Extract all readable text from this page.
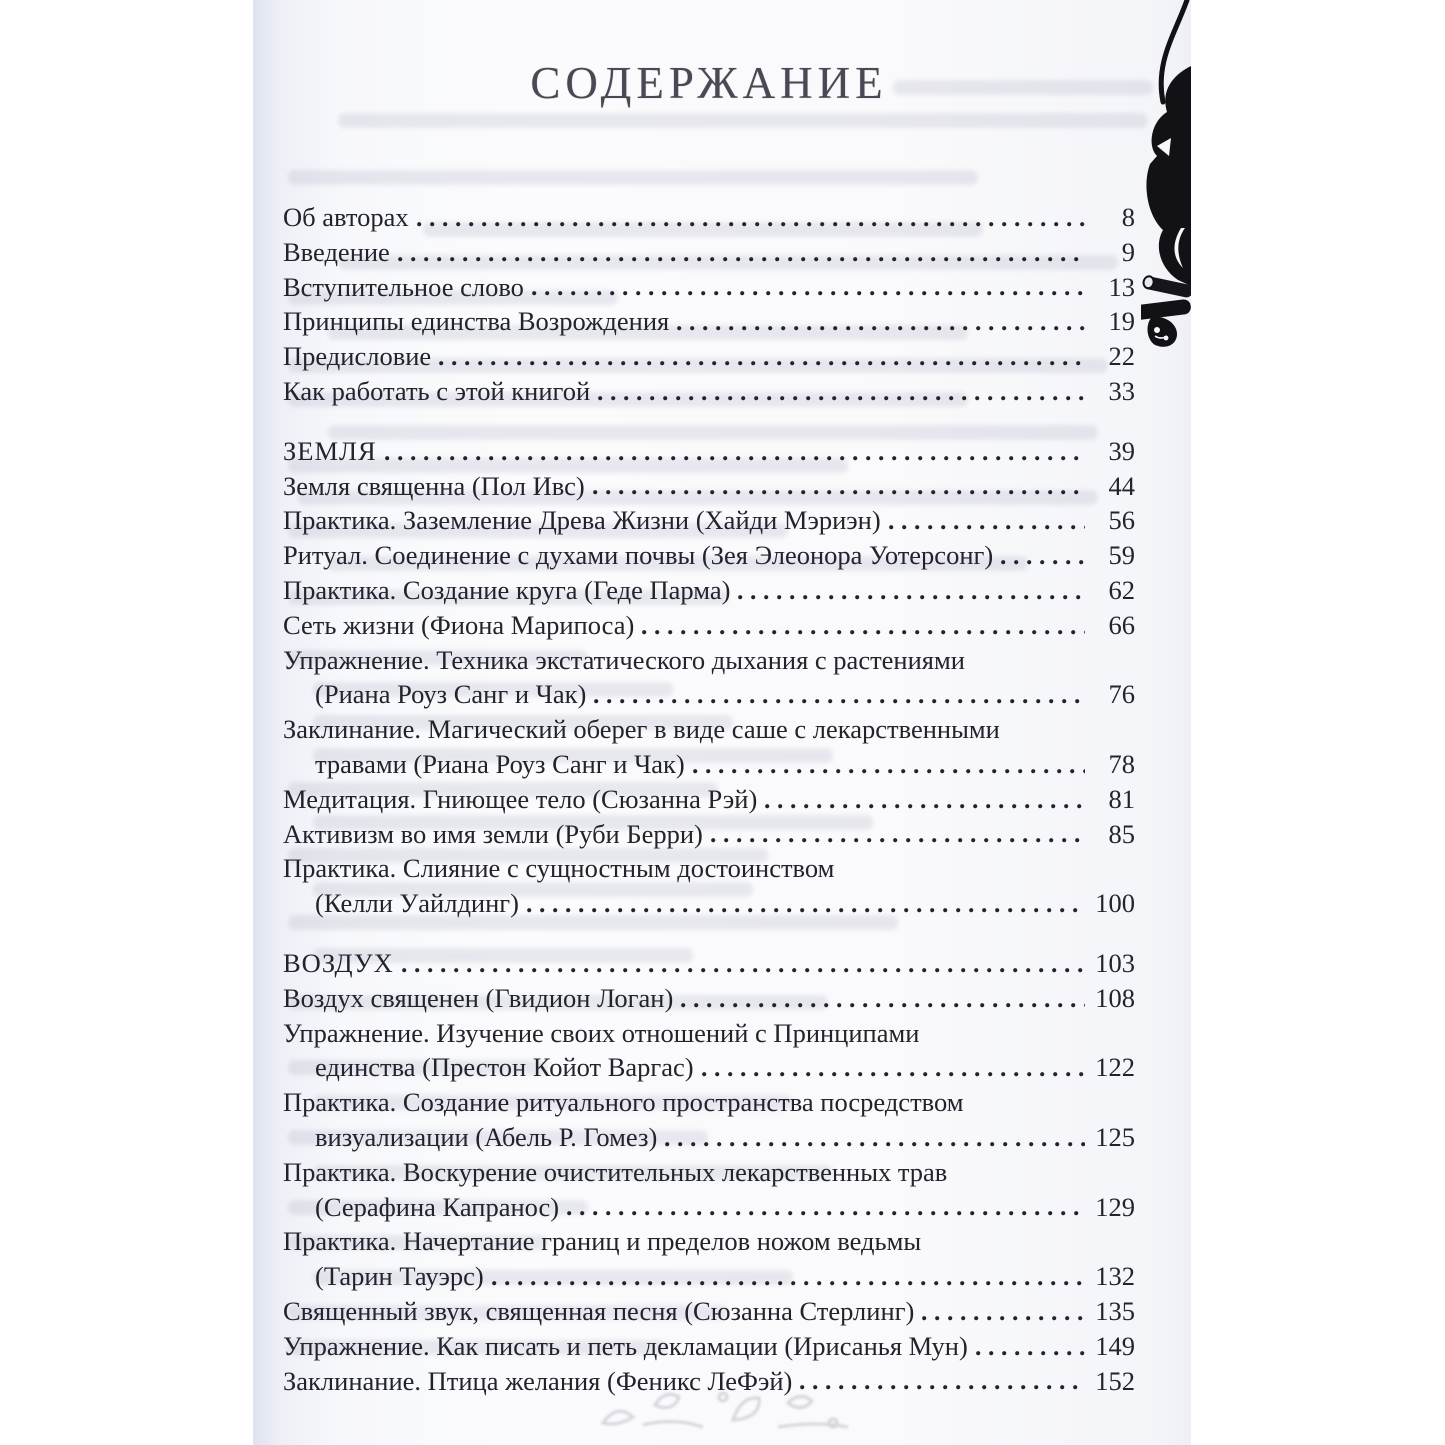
СОДЕРЖАНИЕ
Об авторах	8
Введение	9
Вступительное слово	13
Принципы единства Возрождения	19
Предисловие	22
Как работать с этой книгой	33
ЗЕМЛЯ	39
Земля священна (Пол Ивс)	44
Практика. Заземление Древа Жизни (Хайди Мэриэн)	56
Ритуал. Соединение с духами почвы (Зея Элеонора Уотерсонг)	59
Практика. Создание круга (Геде Парма)	62
Сеть жизни (Фиона Марипоса)	66
Упражнение. Техника экстатического дыхания с растениями
(Риана Роуз Санг и Чак)	76
Заклинание. Магический оберег в виде саше с лекарственными
травами (Риана Роуз Санг и Чак)	78
Медитация. Гниющее тело (Сюзанна Рэй)	81
Активизм во имя земли (Руби Берри)	85
Практика. Слияние с сущностным достоинством
(Келли Уайлдинг)	100
ВОЗДУХ	103
Воздух священен (Гвидион Логан)	108
Упражнение. Изучение своих отношений с Принципами
единства (Престон Койот Варгас)	122
Практика. Создание ритуального пространства посредством
визуализации (Абель Р. Гомез)	125
Практика. Воскурение очистительных лекарственных трав
(Серафина Капранос)	129
Практика. Начертание границ и пределов ножом ведьмы
(Тарин Тауэрс)	132
Священный звук, священная песня (Сюзанна Стерлинг)	135
Упражнение. Как писать и петь декламации (Ирисанья Мун)	149
Заклинание. Птица желания (Феникс ЛеФэй)	152
